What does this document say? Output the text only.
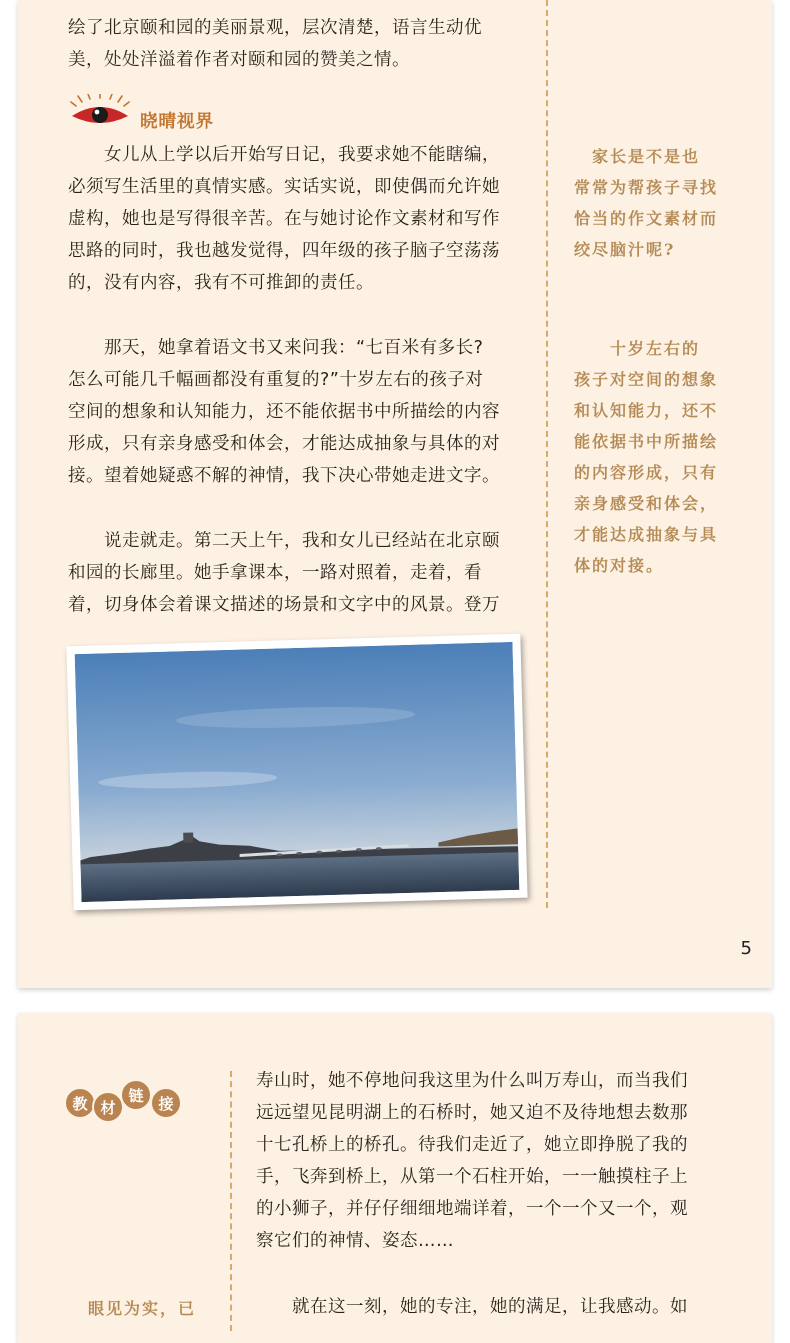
绘了北京颐和园的美丽景观，层次清楚，语言生动优
美，处处洋溢着作者对颐和园的赞美之情。

晓晴视界

　　女儿从上学以后开始写日记，我要求她不能瞎编，
必须写生活里的真情实感。实话实说，即使偶而允许她
虚构，她也是写得很辛苦。在与她讨论作文素材和写作
思路的同时，我也越发觉得，四年级的孩子脑子空荡荡
的，没有内容，我有不可推卸的责任。

　　那天，她拿着语文书又来问我：“七百米有多长?
怎么可能几千幅画都没有重复的?”十岁左右的孩子对
空间的想象和认知能力，还不能依据书中所描绘的内容
形成，只有亲身感受和体会，才能达成抽象与具体的对
接。望着她疑惑不解的神情，我下决心带她走进文字。

　　说走就走。第二天上午，我和女儿已经站在北京颐
和园的长廊里。她手拿课本，一路对照着，走着，看
着，切身体会着课文描述的场景和文字中的风景。登万

　家长是不是也
常常为帮孩子寻找
恰当的作文素材而
绞尽脑汁呢?

　　十岁左右的
孩子对空间的想象
和认知能力，还不
能依据书中所描绘
的内容形成，只有
亲身感受和体会，
才能达成抽象与具
体的对接。

5
教 材
链 接

寿山时，她不停地问我这里为什么叫万寿山，而当我们
远远望见昆明湖上的石桥时，她又迫不及待地想去数那
十七孔桥上的桥孔。待我们走近了，她立即挣脱了我的
手，飞奔到桥上，从第一个石柱开始，一一触摸柱子上
的小狮子，并仔仔细细地端详着，一个一个又一个，观
察它们的神情、姿态……

　　就在这一刻，她的专注，她的满足，让我感动。如

　眼见为实，已
